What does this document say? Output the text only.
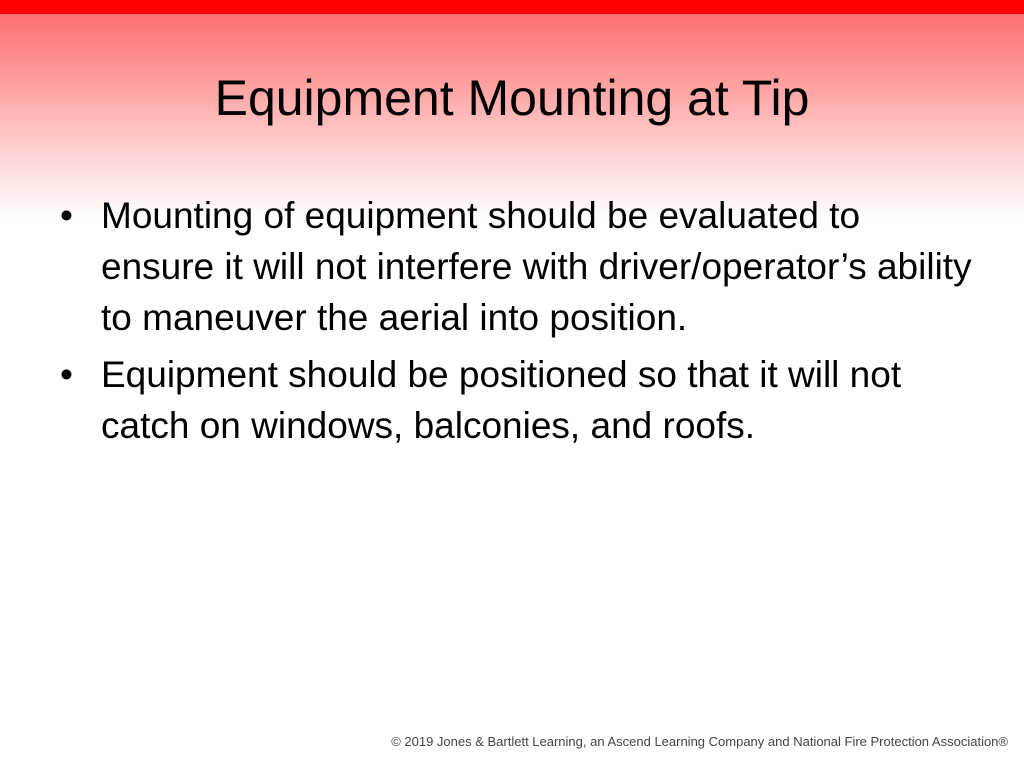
Equipment Mounting at Tip
• Mounting of equipment should be evaluated to ensure it will not interfere with driver/operator’s ability to maneuver the aerial into position.
• Equipment should be positioned so that it will not catch on windows, balconies, and roofs.
© 2019 Jones & Bartlett Learning, an Ascend Learning Company and National Fire Protection Association®
